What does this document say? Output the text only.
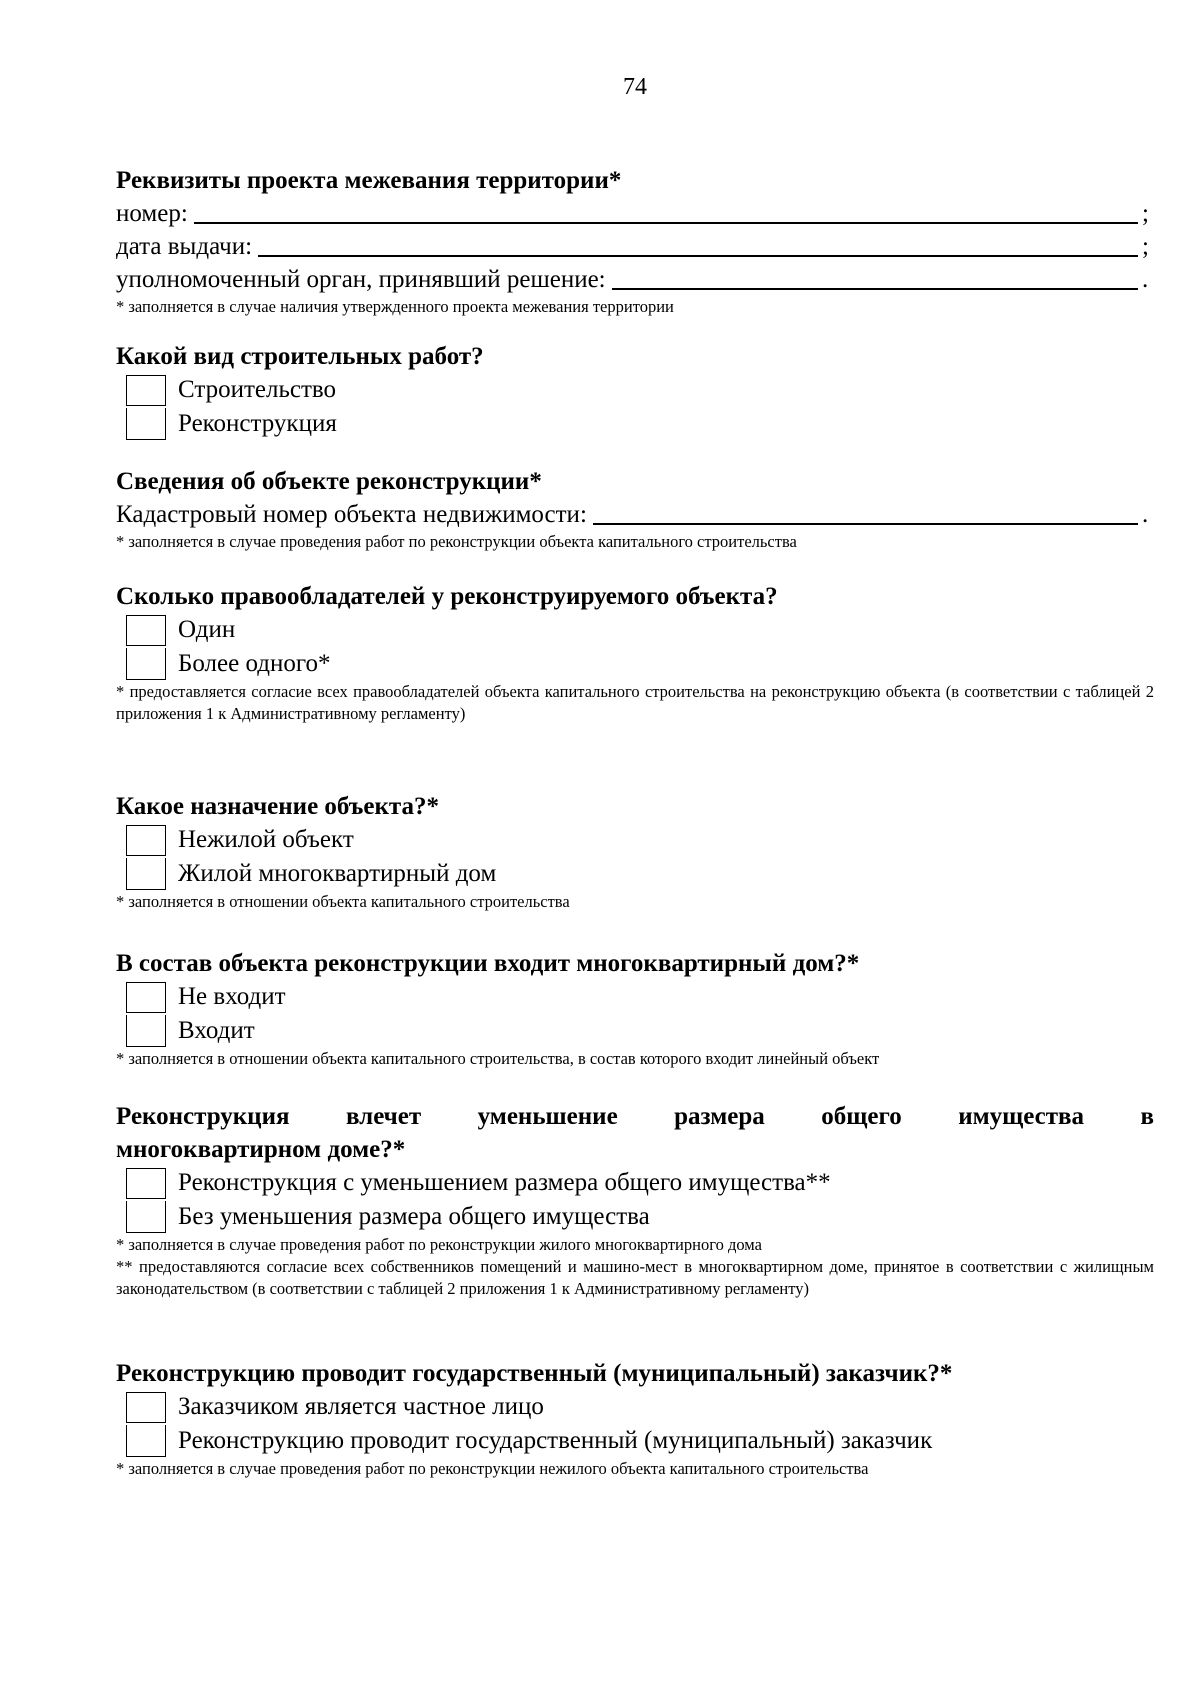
74
Реквизиты проекта межевания территории*
номер:	;
дата выдачи:	;
уполномоченный орган, принявший решение:	.
* заполняется в случае наличия утвержденного проекта межевания территории
Какой вид строительных работ?
Строительство
Реконструкция
Сведения об объекте реконструкции*
Кадастровый номер объекта недвижимости:	.
* заполняется в случае проведения работ по реконструкции объекта капитального строительства
Сколько правообладателей у реконструируемого объекта?
Один
Более одного*
* предоставляется согласие всех правообладателей объекта капитального строительства на реконструкцию объекта (в соответствии с таблицей 2 приложения 1 к Административному регламенту)
Какое назначение объекта?*
Нежилой объект
Жилой многоквартирный дом
* заполняется в отношении объекта капитального строительства
В состав объекта реконструкции входит многоквартирный дом?*
Не входит
Входит
* заполняется в отношении объекта капитального строительства, в состав которого входит линейный объект
Реконструкция влечет уменьшение размера общего имущества в
многоквартирном доме?*
Реконструкция с уменьшением размера общего имущества**
Без уменьшения размера общего имущества
* заполняется в случае проведения работ по реконструкции жилого многоквартирного дома
** предоставляются согласие всех собственников помещений и машино-мест в многоквартирном доме, принятое в соответствии с жилищным законодательством (в соответствии с таблицей 2 приложения 1 к Административному регламенту)
Реконструкцию проводит государственный (муниципальный) заказчик?*
Заказчиком является частное лицо
Реконструкцию проводит государственный (муниципальный) заказчик
* заполняется в случае проведения работ по реконструкции нежилого объекта капитального строительства
